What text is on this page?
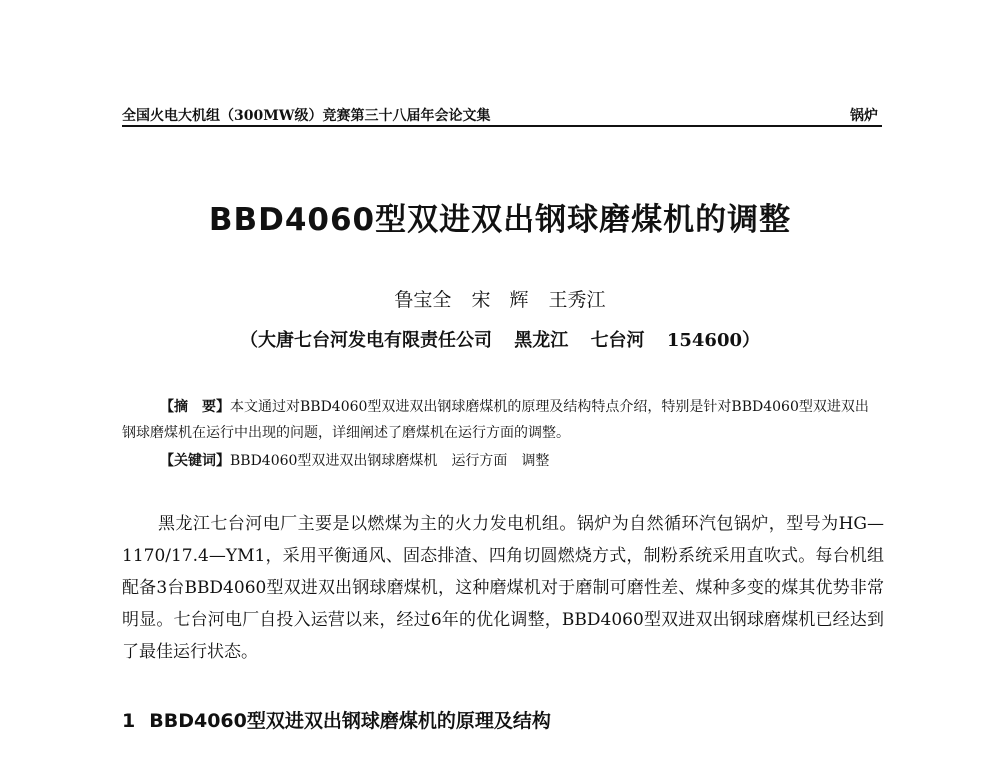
全国火电大机组（300MW级）竞赛第三十八届年会论文集	锅炉
BBD4060型双进双出钢球磨煤机的调整
鲁宝全 宋　辉 王秀江
（大唐七台河发电有限责任公司 黑龙江 七台河 154600）
【摘　要】本文通过对BBD4060型双进双出钢球磨煤机的原理及结构特点介绍，特别是针对BBD4060型双进双出钢球磨煤机在运行中出现的问题，详细阐述了磨煤机在运行方面的调整。
【关键词】BBD4060型双进双出钢球磨煤机 运行方面 调整
黑龙江七台河电厂主要是以燃煤为主的火力发电机组。锅炉为自然循环汽包锅炉，型号为HG—1170/17.4—YM1，采用平衡通风、固态排渣、四角切圆燃烧方式，制粉系统采用直吹式。每台机组配备3台BBD4060型双进双出钢球磨煤机，这种磨煤机对于磨制可磨性差、煤种多变的煤其优势非常明显。七台河电厂自投入运营以来，经过6年的优化调整，BBD4060型双进双出钢球磨煤机已经达到了最佳运行状态。
1 BBD4060型双进双出钢球磨煤机的原理及结构
